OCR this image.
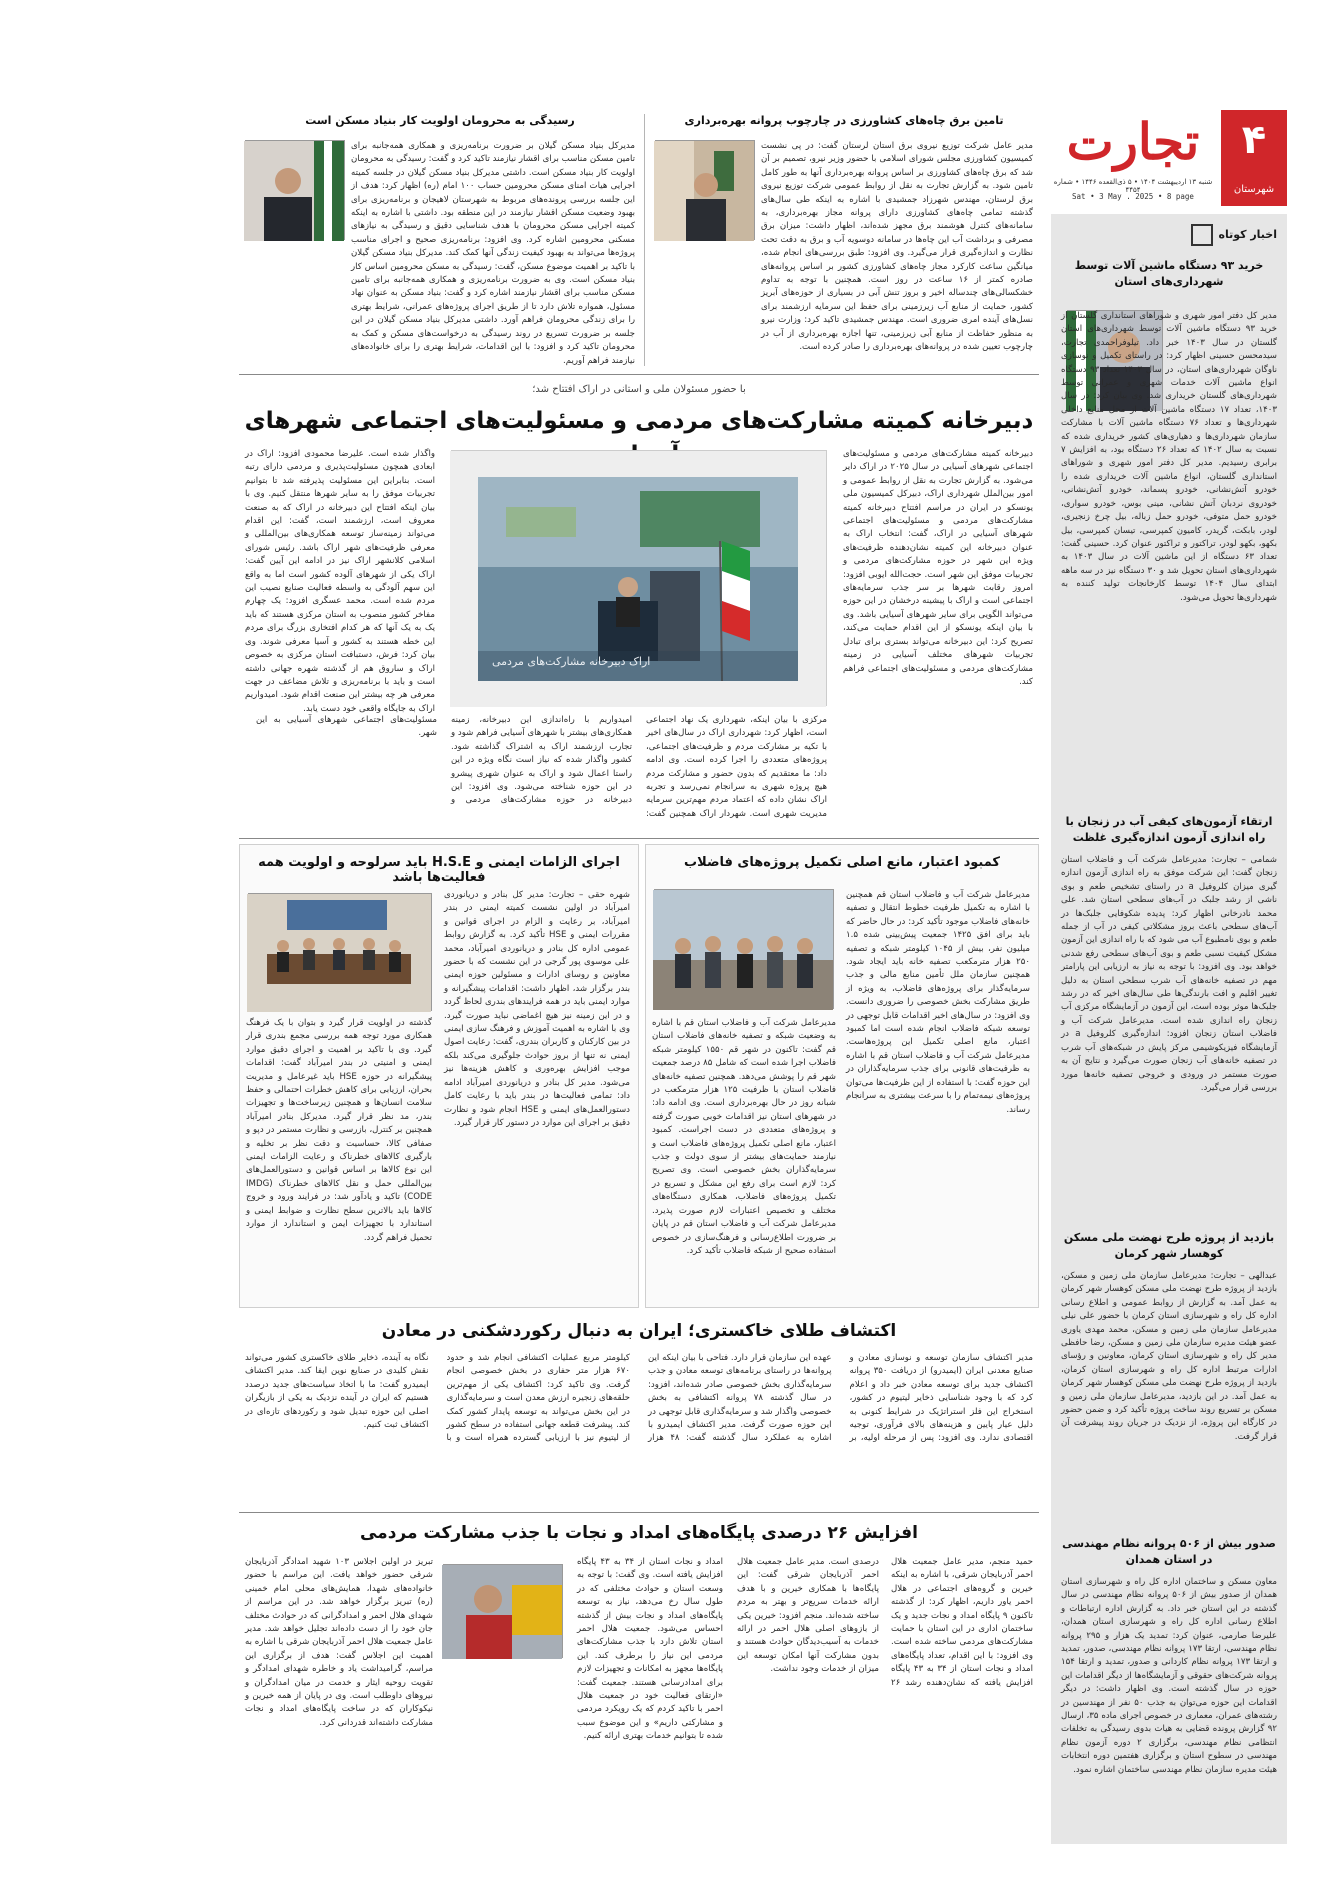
۴
شهرستان
تجارت
شنبه ۱۳ اردیبهشت ۱۴۰۴ • ۵ ذی‌القعده ۱۴۴۶ • شماره ۴۴۵۴
Sat • 3 May . 2025 • 8 page
اخبار کوتاه
خرید ۹۳ دستگاه ماشین آلات توسط شهرداری‌های استان
مدیر کل دفتر امور شهری و شوراهای استانداری گلستان از خرید ۹۳ دستگاه ماشین آلات توسط شهرداری‌های استان گلستان در سال ۱۴۰۳ خبر داد. تیلوفراحمدی تجارت، سیدمحسن حسینی اظهار کرد: در راستای تکمیل و نوسازی ناوگان شهرداری‌های استان، در سال ۱۴۰۳ تعداد ۹۳ دستگاه انواع ماشین آلات خدمات شهری و عمرانی توسط شهرداری‌های گلستان خریداری شد. وی بیان کرد: در سال ۱۴۰۳، تعداد ۱۷ دستگاه ماشین آلات از محل منابع داخلی شهرداری‌ها و تعداد ۷۶ دستگاه ماشین آلات با مشارکت سازمان شهرداری‌ها و دهیاری‌های کشور خریداری شده که نسبت به سال ۱۴۰۲ که تعداد ۲۶ دستگاه بود، به افزایش ۷ برابری رسیدیم. مدیر کل دفتر امور شهری و شوراهای استانداری گلستان، انواع ماشین آلات خریداری شده را خودرو آتش‌نشانی، خودرو پسماند، خودرو آتش‌نشانی، خودروی نردبان آتش نشانی، مینی بوس، خودرو سواری، خودرو حمل متوفی، خودرو حمل زباله، بیل چرخ زنجیری، لودر، بابکت، گریدر، کامیون کمپرسی، تیسان کمپرسی، بیل بکهو، بکهو لودر، تراکتور و تراکتور عنوان کرد. حسینی گفت: تعداد ۶۳ دستگاه از این ماشین آلات در سال ۱۴۰۳ به شهرداری‌های استان تحویل شد و ۳۰ دستگاه نیز در سه ماهه ابتدای سال ۱۴۰۴ توسط کارخانجات تولید کننده به شهرداری‌ها تحویل می‌شود.
ارتقاء آزمون‌های کیفی آب در زنجان با راه اندازی آزمون اندازه‌گیری غلظت
شمامی – تجارت: مدیرعامل شرکت آب و فاضلاب استان زنجان گفت: این شرکت موفق به راه اندازی آزمون اندازه گیری میزان کلروفیل a در راستای تشخیص طعم و بوی ناشی از رشد جلبک در آب‌های سطحی استان شد. علی محمد نادرخانی اظهار کرد: پدیده شکوفایی جلبک‌ها در آب‌های سطحی باعث بروز مشکلاتی کیفی در آب از جمله طعم و بوی نامطبوع آب می شود که با راه اندازی این آزمون مشکل کیفیت نسبی طعم و بوی آب‌های سطحی رفع شدنی خواهد بود. وی افزود: با توجه به نیاز به ارزیابی این پارامتر مهم در تصفیه خانه‌های آب شرب سطحی استان به دلیل تغییر اقلیم و افت بارندگی‌ها طی سال‌های اخیر که در رشد جلبک‌ها موثر بوده است، این آزمون در آزمایشگاه مرکزی آب زنجان راه اندازی شده است. مدیرعامل شرکت آب و فاضلاب استان زنجان افزود: اندازه‌گیری کلروفیل a در آزمایشگاه فیزیکوشیمی مرکز پایش در شبکه‌های آب شرب در تصفیه خانه‌های آب زنجان صورت می‌گیرد و نتایج آن به صورت مستمر در ورودی و خروجی تصفیه خانه‌ها مورد بررسی قرار می‌گیرد.
بازدید از پروژه طرح نهضت ملی مسکن کوهسار شهر کرمان
عبدالهی – تجارت: مدیرعامل سازمان ملی زمین و مسکن، بازدید از پروژه طرح نهضت ملی مسکن کوهسار شهر کرمان به عمل آمد. به گزارش از روابط عمومی و اطلاع رسانی اداره کل راه و شهرسازی استان کرمان با حضور علی نیلی مدیرعامل سازمان ملی زمین و مسکن، محمد مهدی یاوری عضو هیئت مدیره سازمان ملی زمین و مسکن، رضا حافظی مدیر کل راه و شهرسازی استان کرمان، معاونین و رؤسای ادارات مرتبط اداره کل راه و شهرسازی استان کرمان، بازدید از پروژه طرح نهضت ملی مسکن کوهسار شهر کرمان به عمل آمد. در این بازدید، مدیرعامل سازمان ملی زمین و مسکن بر تسریع روند ساخت پروژه تأکید کرد و ضمن حضور در کارگاه این پروژه، از نزدیک در جریان روند پیشرفت آن قرار گرفت.
صدور بیش از ۵۰۶ پروانه نظام مهندسی در استان همدان
معاون مسکن و ساختمان اداره کل راه و شهرسازی استان همدان از صدور بیش از ۵۰۶ پروانه نظام مهندسی در سال گذشته در این استان خبر داد. به گزارش اداره ارتباطات و اطلاع رسانی اداره کل راه و شهرسازی استان همدان، علیرضا صارمی، عنوان کرد: تمدید یک هزار و ۲۹۵ پروانه نظام مهندسی، ارتقا ۱۷۳ پروانه نظام مهندسی، صدور، تمدید و ارتقا ۱۷۳ پروانه نظام کاردانی و صدور، تمدید و ارتقا ۱۵۴ پروانه شرکت‌های حقوقی و آزمایشگاه‌ها از دیگر اقدامات این حوزه در سال گذشته است. وی اظهار داشت: در دیگر اقدامات این حوزه می‌توان به جذب ۵۰ نفر از مهندسین در رشته‌های عمران، معماری در خصوص اجرای ماده ۳۵، ارسال ۹۲ گزارش پرونده قضایی به هیات بدوی رسیدگی به تخلفات انتظامی نظام مهندسی، برگزاری ۲ دوره آزمون نظام مهندسی در سطوح استان و برگزاری هفتمین دوره انتخابات هیئت مدیره سازمان نظام مهندسی ساختمان اشاره نمود.
تامین برق چاه‌های کشاورزی در چارچوب پروانه بهره‌برداری
مدیر عامل شرکت توزیع نیروی برق استان لرستان گفت: در پی نشست کمیسیون کشاورزی مجلس شورای اسلامی با حضور وزیر نیرو، تصمیم بر آن شد که برق چاه‌های کشاورزی بر اساس پروانه بهره‌برداری آنها به طور کامل تامین شود. به گزارش تجارت به نقل از روابط عمومی شرکت توزیع نیروی برق لرستان، مهندس شهرزاد جمشیدی با اشاره به اینکه طی سال‌های گذشته تمامی چاه‌های کشاورزی دارای پروانه مجاز بهره‌برداری، به سامانه‌های کنترل هوشمند برق مجهز شده‌اند، اظهار داشت: میزان برق مصرفی و برداشت آب این چاه‌ها در سامانه دوسویه آب و برق به دقت تحت نظارت و اندازه‌گیری قرار می‌گیرد. وی افزود: طبق بررسی‌های انجام شده، میانگین ساعت کارکرد مجاز چاه‌های کشاورزی کشور بر اساس پروانه‌های صادره کمتر از ۱۶ ساعت در روز است. همچنین با توجه به تداوم خشکسالی‌های چندساله اخیر و بروز تنش آبی در بسیاری از حوزه‌های آبریز کشور، حمایت از منابع آب زیرزمینی برای حفظ این سرمایه ارزشمند برای نسل‌های آینده امری ضروری است. مهندس جمشیدی تاکید کرد: وزارت نیرو به منظور حفاظت از منابع آبی زیرزمینی، تنها اجازه بهره‌برداری از آب در چارچوب تعیین شده در پروانه‌های بهره‌برداری را صادر کرده است.
رسیدگی به محرومان اولویت کار بنیاد مسکن است
مدیرکل بنیاد مسکن گیلان بر ضرورت برنامه‌ریزی و همکاری همه‌جانبه برای تامین مسکن مناسب برای اقشار نیازمند تاکید کرد و گفت: رسیدگی به محرومان اولویت کار بنیاد مسکن است. داشتی مدیرکل بنیاد مسکن گیلان در جلسه کمیته اجرایی هیات امنای مسکن محرومین حساب ۱۰۰ امام (ره) اظهار کرد: هدف از این جلسه بررسی پرونده‌های مربوط به شهرستان لاهیجان و برنامه‌ریزی برای بهبود وضعیت مسکن اقشار نیازمند در این منطقه بود. داشتی با اشاره به اینکه کمیته اجرایی مسکن محرومان با هدف شناسایی دقیق و رسیدگی به نیازهای مسکنی محرومین اشاره کرد. وی افزود: برنامه‌ریزی صحیح و اجرای مناسب پروژه‌ها می‌تواند به بهبود کیفیت زندگی آنها کمک کند. مدیرکل بنیاد مسکن گیلان با تاکید بر اهمیت موضوع مسکن، گفت: رسیدگی به مسکن محرومین اساس کار بنیاد مسکن است. وی به ضرورت برنامه‌ریزی و همکاری همه‌جانبه برای تامین مسکن مناسب برای اقشار نیازمند اشاره کرد و گفت: بنیاد مسکن به عنوان نهاد مسئول، همواره تلاش دارد تا از طریق اجرای پروژه‌های عمرانی، شرایط بهتری را برای زندگی محرومان فراهم آورد. داشتی مدیرکل بنیاد مسکن گیلان در این جلسه بر ضرورت تسریع در روند رسیدگی به درخواست‌های مسکن و کمک به محرومان تاکید کرد و افزود: با این اقدامات، شرایط بهتری را برای خانواده‌های نیازمند فراهم آوریم.
با حضور مسئولان ملی و استانی در اراک افتتاح شد؛
دبیرخانه کمیته مشارکت‌های مردمی و مسئولیت‌های اجتماعی شهرهای
دبیرخانه کمیته مشارکت‌های مردمی و مسئولیت‌های اجتماعی شهرهای آسیایی در سال ۲۰۲۵ در اراک دایر می‌شود. به گزارش تجارت به نقل از روابط عمومی و امور بین‌الملل شهرداری اراک، دبیرکل کمیسیون ملی یونسکو در ایران در مراسم افتتاح دبیرخانه کمیته مشارکت‌های مردمی و مسئولیت‌های اجتماعی شهرهای آسیایی در اراک، گفت: انتخاب اراک به عنوان دبیرخانه این کمیته نشان‌دهنده ظرفیت‌های ویژه این شهر در حوزه مشارکت‌های مردمی و تجربیات موفق این شهر است. حجت‌الله ایوبی افزود: امروز رقابت شهرها بر سر جذب سرمایه‌های اجتماعی است و اراک با پیشینه درخشان در این حوزه می‌تواند الگویی برای سایر شهرهای آسیایی باشد. وی با بیان اینکه یونسکو از این اقدام حمایت می‌کند، تصریح کرد: این دبیرخانه می‌تواند بستری برای تبادل تجربیات شهرهای مختلف آسیایی در زمینه مشارکت‌های مردمی و مسئولیت‌های اجتماعی فراهم کند.
واگذار شده است. علیرضا محمودی افزود: اراک در ابعادی همچون مسئولیت‌پذیری و مردمی دارای رتبه است. بنابراین این مسئولیت پذیرفته شد تا بتوانیم تجربیات موفق را به سایر شهرها منتقل کنیم. وی با بیان اینکه افتتاح این دبیرخانه در اراک که به صنعت معروف است، ارزشمند است، گفت: این اقدام می‌تواند زمینه‌ساز توسعه همکاری‌های بین‌المللی و معرفی ظرفیت‌های شهر اراک باشد. رئیس شورای اسلامی کلانشهر اراک نیز در ادامه این آیین گفت: اراک یکی از شهرهای آلوده کشور است اما به واقع این سهم آلودگی به واسطه فعالیت صنایع نصیب این مردم شده است. محمد عسگری افزود: یک چهارم مفاخر کشور منصوب به استان مرکزی هستند که باید یک به یک آنها که هر کدام افتخاری بزرگ برای مردم این خطه هستند به کشور و آسیا معرفی شوند. وی بیان کرد: فرش، دستبافت استان مرکزی به خصوص اراک و ساروق هم از گذشته شهره جهانی داشته است و باید با برنامه‌ریزی و تلاش مضاعف در جهت معرفی هر چه بیشتر این صنعت اقدام شود. امیدواریم اراک به جایگاه واقعی خود دست یابد.
اراک دبیرخانه مشارکت‌های مردمی
مرکزی با بیان اینکه، شهرداری یک نهاد اجتماعی است، اظهار کرد: شهرداری اراک در سال‌های اخیر با تکیه بر مشارکت مردم و ظرفیت‌های اجتماعی، پروژه‌های متعددی را اجرا کرده است. وی ادامه داد: ما معتقدیم که بدون حضور و مشارکت مردم هیچ پروژه شهری به سرانجام نمی‌رسد و تجربه اراک نشان داده که اعتماد مردم مهم‌ترین سرمایه مدیریت شهری است. شهردار اراک همچنین گفت: امیدواریم با راه‌اندازی این دبیرخانه، زمینه همکاری‌های بیشتر با شهرهای آسیایی فراهم شود و تجارب ارزشمند اراک به اشتراک گذاشته شود. کشور واگذار شده که نیاز است نگاه ویژه در این راستا اعمال شود و اراک به عنوان شهری پیشرو در این حوزه شناخته می‌شود. وی افزود: این دبیرخانه در حوزه مشارکت‌های مردمی و مسئولیت‌های اجتماعی شهرهای آسیایی به این شهر.
کمبود اعتبار، مانع اصلی تکمیل پروژه‌های فاضلاب
مدیرعامل شرکت آب و فاضلاب استان قم همچنین با اشاره به تکمیل ظرفیت خطوط انتقال و تصفیه خانه‌های فاضلاب موجود تأکید کرد: در حال حاضر که باید برای افق ۱۴۲۵ جمعیت پیش‌بینی شده ۱.۵ میلیون نفر، بیش از ۱۰۴۵ کیلومتر شبکه و تصفیه ۲۵۰ هزار مترمکعب تصفیه خانه باید ایجاد شود. همچنین سازمان ملل تأمین منابع مالی و جذب سرمایه‌گذار برای پروژه‌های فاضلاب، به ویژه از طریق مشارکت بخش خصوصی را ضروری دانست. وی افزود: در سال‌های اخیر اقدامات قابل توجهی در توسعه شبکه فاضلاب انجام شده است اما کمبود اعتبار، مانع اصلی تکمیل این پروژه‌هاست. مدیرعامل شرکت آب و فاضلاب استان قم با اشاره به ظرفیت‌های قانونی برای جذب سرمایه‌گذاران در این حوزه گفت: با استفاده از این ظرفیت‌ها می‌توان پروژه‌های نیمه‌تمام را با سرعت بیشتری به سرانجام رساند.
مدیرعامل شرکت آب و فاضلاب استان قم با اشاره به وضعیت شبکه و تصفیه خانه‌های فاضلاب استان قم گفت: تاکنون در شهر قم ۱۵۵۰ کیلومتر شبکه فاضلاب اجرا شده است که شامل ۸۵ درصد جمعیت شهر قم را پوشش می‌دهد. همچنین تصفیه خانه‌های فاضلاب استان با ظرفیت ۱۲۵ هزار مترمکعب در شبانه روز در حال بهره‌برداری است. وی ادامه داد: در شهرهای استان نیز اقدامات خوبی صورت گرفته و پروژه‌های متعددی در دست اجراست. کمبود اعتبار، مانع اصلی تکمیل پروژه‌های فاضلاب است و نیازمند حمایت‌های بیشتر از سوی دولت و جذب سرمایه‌گذاران بخش خصوصی است. وی تصریح کرد: لازم است برای رفع این مشکل و تسریع در تکمیل پروژه‌های فاضلاب، همکاری دستگاه‌های مختلف و تخصیص اعتبارات لازم صورت پذیرد. مدیرعامل شرکت آب و فاضلاب استان قم در پایان بر ضرورت اطلاع‌رسانی و فرهنگ‌سازی در خصوص استفاده صحیح از شبکه فاضلاب تأکید کرد.
اجرای الزامات ایمنی و H.S.E باید سرلوحه و اولویت همه فعالیت‌ها باشد
شهره حقی – تجارت: مدیر کل بنادر و دریانوردی امیرآباد در اولین نشست کمیته ایمنی در بندر امیرآباد، بر رعایت و الزام در اجرای قوانین و مقررات ایمنی و HSE تأکید کرد. به گزارش روابط عمومی اداره کل بنادر و دریانوردی امیرآباد، محمد علی موسوی پور گرجی در این نشست که با حضور معاونین و روسای ادارات و مسئولین حوزه ایمنی بندر برگزار شد، اظهار داشت: اقدامات پیشگیرانه و موارد ایمنی باید در همه فرایندهای بندری لحاظ گردد و در این زمینه نیز هیچ اغماضی نباید صورت گیرد. وی با اشاره به اهمیت آموزش و فرهنگ سازی ایمنی در بین کارکنان و کاربران بندری، گفت: رعایت اصول ایمنی نه تنها از بروز حوادث جلوگیری می‌کند بلکه موجب افزایش بهره‌وری و کاهش هزینه‌ها نیز می‌شود. مدیر کل بنادر و دریانوردی امیرآباد ادامه داد: تمامی فعالیت‌ها در بندر باید با رعایت کامل دستورالعمل‌های ایمنی و HSE انجام شود و نظارت دقیق بر اجرای این موارد در دستور کار قرار گیرد.
گذشته در اولویت قرار گیرد و بتوان با یک فرهنگ همکاری مورد توجه همه بررسی مجمع بندری قرار گیرد. وی با تاکید بر اهمیت و اجرای دقیق موارد ایمنی و امنیتی در بندر امیرآباد گفت: اقدامات پیشگیرانه در حوزه HSE باید غیرعامل و مدیریت بحران، ارزیابی برای کاهش خطرات احتمالی و حفظ سلامت انسان‌ها و همچنین زیرساخت‌ها و تجهیزات بندر، مد نظر قرار گیرد. مدیرکل بنادر امیرآباد همچنین بر کنترل، بازرسی و نظارت مستمر در دپو و صفافی کالا، حساسیت و دقت نظر بر تخلیه و بارگیری کالاهای خطرناک و رعایت الزامات ایمنی این نوع کالاها بر اساس قوانین و دستورالعمل‌های بین‌المللی حمل و نقل کالاهای خطرناک (IMDG CODE) تاکید و یادآور شد: در فرایند ورود و خروج کالاها باید بالاترین سطح نظارت و ضوابط ایمنی و استاندارد با تجهیزات ایمن و استاندارد از موارد تحمیل فراهم گردد.
اکتشاف طلای خاکستری؛ ایران به دنبال رکوردشکنی در معادن
مدیر اکتشاف سازمان توسعه و نوسازی معادن و صنایع معدنی ایران (ایمیدرو) از دریافت ۳۵۰ پروانه اکتشاف جدید برای توسعه معادن خبر داد و اعلام کرد که با وجود شناسایی ذخایر لیتیوم در کشور، استخراج این فلز استراتژیک در شرایط کنونی به دلیل عیار پایین و هزینه‌های بالای فرآوری، توجیه اقتصادی ندارد. وی افزود: پس از مرحله اولیه، بر عهده این سازمان قرار دارد. فتاحی با بیان اینکه این پروانه‌ها در راستای برنامه‌های توسعه معادن و جذب سرمایه‌گذاری بخش خصوصی صادر شده‌اند، افزود: در سال گذشته ۷۸ پروانه اکتشافی به بخش خصوصی واگذار شد و سرمایه‌گذاری قابل توجهی در این حوزه صورت گرفت. مدیر اکتشاف ایمیدرو با اشاره به عملکرد سال گذشته گفت: ۴۸ هزار کیلومتر مربع عملیات اکتشافی انجام شد و حدود ۶۷۰ هزار متر حفاری در بخش خصوصی انجام گرفت. وی تاکید کرد: اکتشاف یکی از مهم‌ترین حلقه‌های زنجیره ارزش معدن است و سرمایه‌گذاری در این بخش می‌تواند به توسعه پایدار کشور کمک کند. پیشرفت قطعه جهانی استفاده در سطح کشور از لیتیوم نیز با ارزیابی گسترده همراه است و با نگاه به آینده، ذخایر طلای خاکستری کشور می‌تواند نقش کلیدی در صنایع نوین ایفا کند. مدیر اکتشاف ایمیدرو گفت: ما با اتخاذ سیاست‌های جدید درصدد هستیم که ایران در آینده نزدیک به یکی از بازیگران اصلی این حوزه تبدیل شود و رکوردهای تازه‌ای در اکتشاف ثبت کنیم.
افزایش ۲۶ درصدی پایگاه‌های امداد و نجات با جذب مشارکت مردمی
حمید منجم، مدیر عامل جمعیت هلال احمر آذربایجان شرقی، با اشاره به اینکه خیرین و گروه‌های اجتماعی در هلال احمر یاور داریم، اظهار کرد: از گذشته تاکنون ۹ پایگاه امداد و نجات جدید و یک ساختمان اداری در این استان با حمایت مشارکت‌های مردمی ساخته شده است. وی افزود: با این اقدام، تعداد پایگاه‌های امداد و نجات استان از ۳۴ به ۴۳ پایگاه افزایش یافته که نشان‌دهنده رشد ۲۶ درصدی است. مدیر عامل جمعیت هلال احمر آذربایجان شرقی گفت: این پایگاه‌ها با همکاری خیرین و با هدف ارائه خدمات سریع‌تر و بهتر به مردم ساخته شده‌اند. منجم افزود: خیرین یکی از بازوهای اصلی هلال احمر در ارائه خدمات به آسیب‌دیدگان حوادث هستند و بدون مشارکت آنها امکان توسعه این میزان از خدمات وجود نداشت.
امداد و نجات استان از ۳۴ به ۴۳ پایگاه افزایش یافته است. وی گفت: با توجه به وسعت استان و حوادث مختلفی که در طول سال رخ می‌دهد، نیاز به توسعه پایگاه‌های امداد و نجات بیش از گذشته احساس می‌شود. جمعیت هلال احمر استان تلاش دارد با جذب مشارکت‌های مردمی این نیاز را برطرف کند. این پایگاه‌ها مجهز به امکانات و تجهیزات لازم برای امدادرسانی هستند. جمعیت گفت: «ارتقای فعالیت خود در جمعیت هلال احمر با تاکید کردم که یک رویکرد مردمی و مشارکتی داریم» و این موضوع سبب شده تا بتوانیم خدمات بهتری ارائه کنیم.
تبریز در اولین اجلاس ۱۰۳ شهید امدادگر آذربایجان شرقی حضور خواهد یافت. این مراسم با حضور خانواده‌های شهدا، همایش‌های محلی امام خمینی (ره) تبریز برگزار خواهد شد. در این مراسم از شهدای هلال احمر و امدادگرانی که در حوادث مختلف جان خود را از دست داده‌اند تجلیل خواهد شد. مدیر عامل جمعیت هلال احمر آذربایجان شرقی با اشاره به اهمیت این اجلاس گفت: هدف از برگزاری این مراسم، گرامیداشت یاد و خاطره شهدای امدادگر و تقویت روحیه ایثار و خدمت در میان امدادگران و نیروهای داوطلب است. وی در پایان از همه خیرین و نیکوکاران که در ساخت پایگاه‌های امداد و نجات مشارکت داشته‌اند قدردانی کرد.
